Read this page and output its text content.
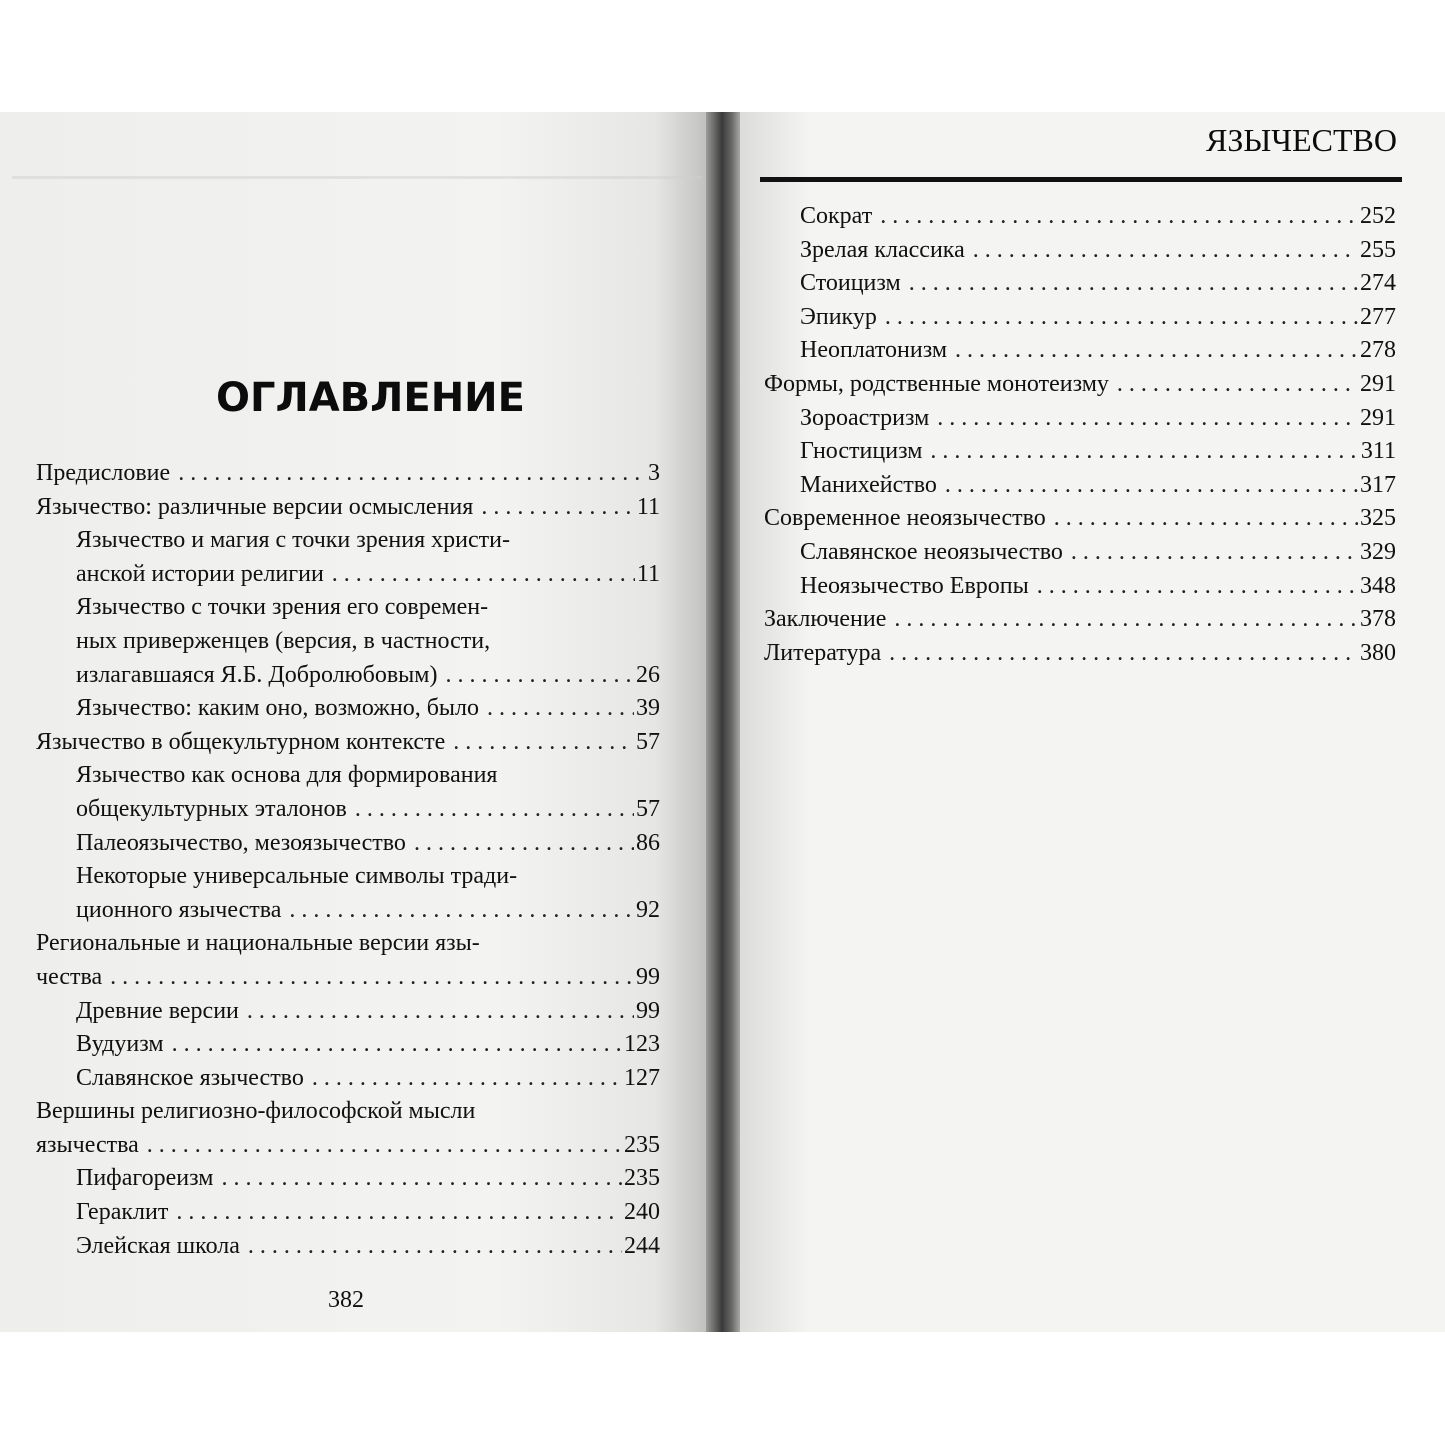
ОГЛАВЛЕНИЕ
ЯЗЫЧЕСТВО
Предисловие . . .	3
Язычество: различные версии осмысления . . .	11
Язычество и магия с точки зрения христи-
анской истории религии . . .	11
Язычество с точки зрения его современ-
ных приверженцев (версия, в частности,
излагавшаяся Я.Б. Добролюбовым) . . .	26
Язычество: каким оно, возможно, было . . .	39
Язычество в общекультурном контексте . . .	57
Язычество как основа для формирования
общекультурных эталонов . . .	57
Палеоязычество, мезоязычество . . .	86
Некоторые универсальные символы тради-
ционного язычества . . .	92
Региональные и национальные версии язы-
чества . . .	99
Древние версии . . .	99
Вудуизм . . .	123
Славянское язычество . . .	127
Вершины религиозно-философской мысли
язычества . . .	235
Пифагореизм . . .	235
Гераклит . . .	240
Элейская школа . . .	244
Сократ . . .	252
Зрелая классика . . .	255
Стоицизм . . .	274
Эпикур . . .	277
Неоплатонизм . . .	278
Формы, родственные монотеизму . . .	291
Зороастризм . . .	291
Гностицизм . . .	311
Манихейство . . .	317
Современное неоязычество . . .	325
Славянское неоязычество . . .	329
Неоязычество Европы . . .	348
Заключение . . .	378
Литература . . .	380
382
